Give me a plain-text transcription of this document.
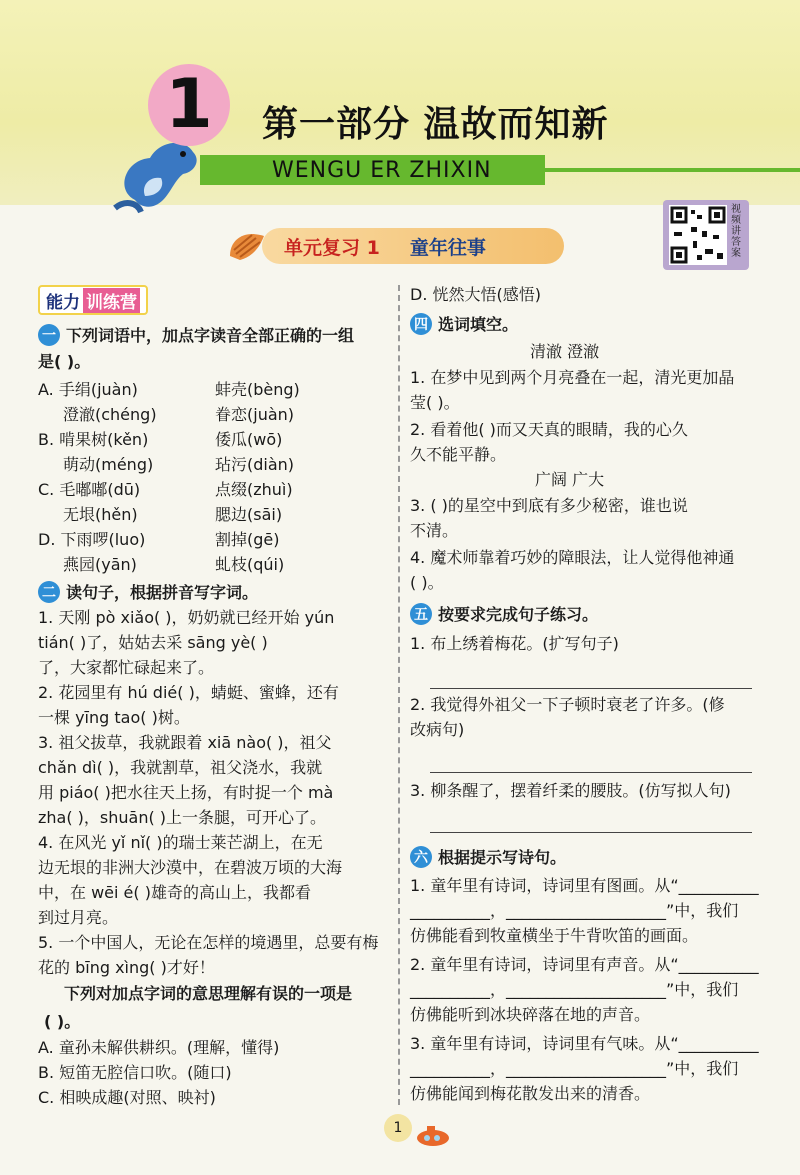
1	第一部分 温故而知新
WENGU ER ZHIXIN
单元复习 1 童年往事
视频讲答案
能力 训练营
一 下列词语中，加点字读音全部正确的一组
是( )。
A. 手绢(juàn)	蚌壳(bèng)
澄澈(chéng)	眷恋(juàn)
B. 啃果树(kěn)	倭瓜(wō)
萌动(méng)	玷污(diàn)
C. 毛嘟嘟(dū)	点缀(zhuì)
无垠(hěn)	腮边(sāi)
D. 下雨啰(luo)	割掉(gē)
燕园(yān)	虬枝(qúi)
二 读句子，根据拼音写字词。
1. 天刚 pò xiǎo( )，奶奶就已经开始 yún
tián( )了，姑姑去采 sāng yè( )
了，大家都忙碌起来了。
2. 花园里有 hú dié( )，蜻蜓、蜜蜂，还有
一棵 yīng tao( )树。
3. 祖父拔草，我就跟着 xiā nào( )，祖父
chǎn dì( )，我就割草，祖父浇水，我就
用 piáo( )把水往天上扬，有时捉一个 mà
zha( )，shuān( )上一条腿，可开心了。
4. 在风光 yǐ nǐ( )的瑞士莱芒湖上，在无
边无垠的非洲大沙漠中，在碧波万顷的大海
中，在 wēi é( )雄奇的高山上，我都看
到过月亮。
5. 一个中国人，无论在怎样的境遇里，总要有梅
花的 bīng xìng( )才好！
下列对加点字词的意思理解有误的一项是
( )。
A. 童孙未解供耕织。(理解，懂得)
B. 短笛无腔信口吹。(随口)
C. 相映成趣(对照、映衬)
D. 恍然大悟(感悟)
四 选词填空。
清澈 澄澈
1. 在梦中见到两个月亮叠在一起，清光更加晶
莹( )。
2. 看着他( )而又天真的眼睛，我的心久
久不能平静。
广阔 广大
3. ( )的星空中到底有多少秘密，谁也说
不清。
4. 魔术师靠着巧妙的障眼法，让人觉得他神通
( )。
五 按要求完成句子练习。
1. 布上绣着梅花。(扩写句子)
2. 我觉得外祖父一下子顿时衰老了许多。(修
改病句)
3. 柳条醒了，摆着纤柔的腰肢。(仿写拟人句)
六 根据提示写诗句。
1. 童年里有诗词，诗词里有图画。从“__________
__________，____________________”中，我们
仿佛能看到牧童横坐于牛背吹笛的画面。
2. 童年里有诗词，诗词里有声音。从“__________
__________，____________________”中，我们
仿佛能听到冰块碎落在地的声音。
3. 童年里有诗词，诗词里有气味。从“__________
__________，____________________”中，我们
仿佛能闻到梅花散发出来的清香。
1
